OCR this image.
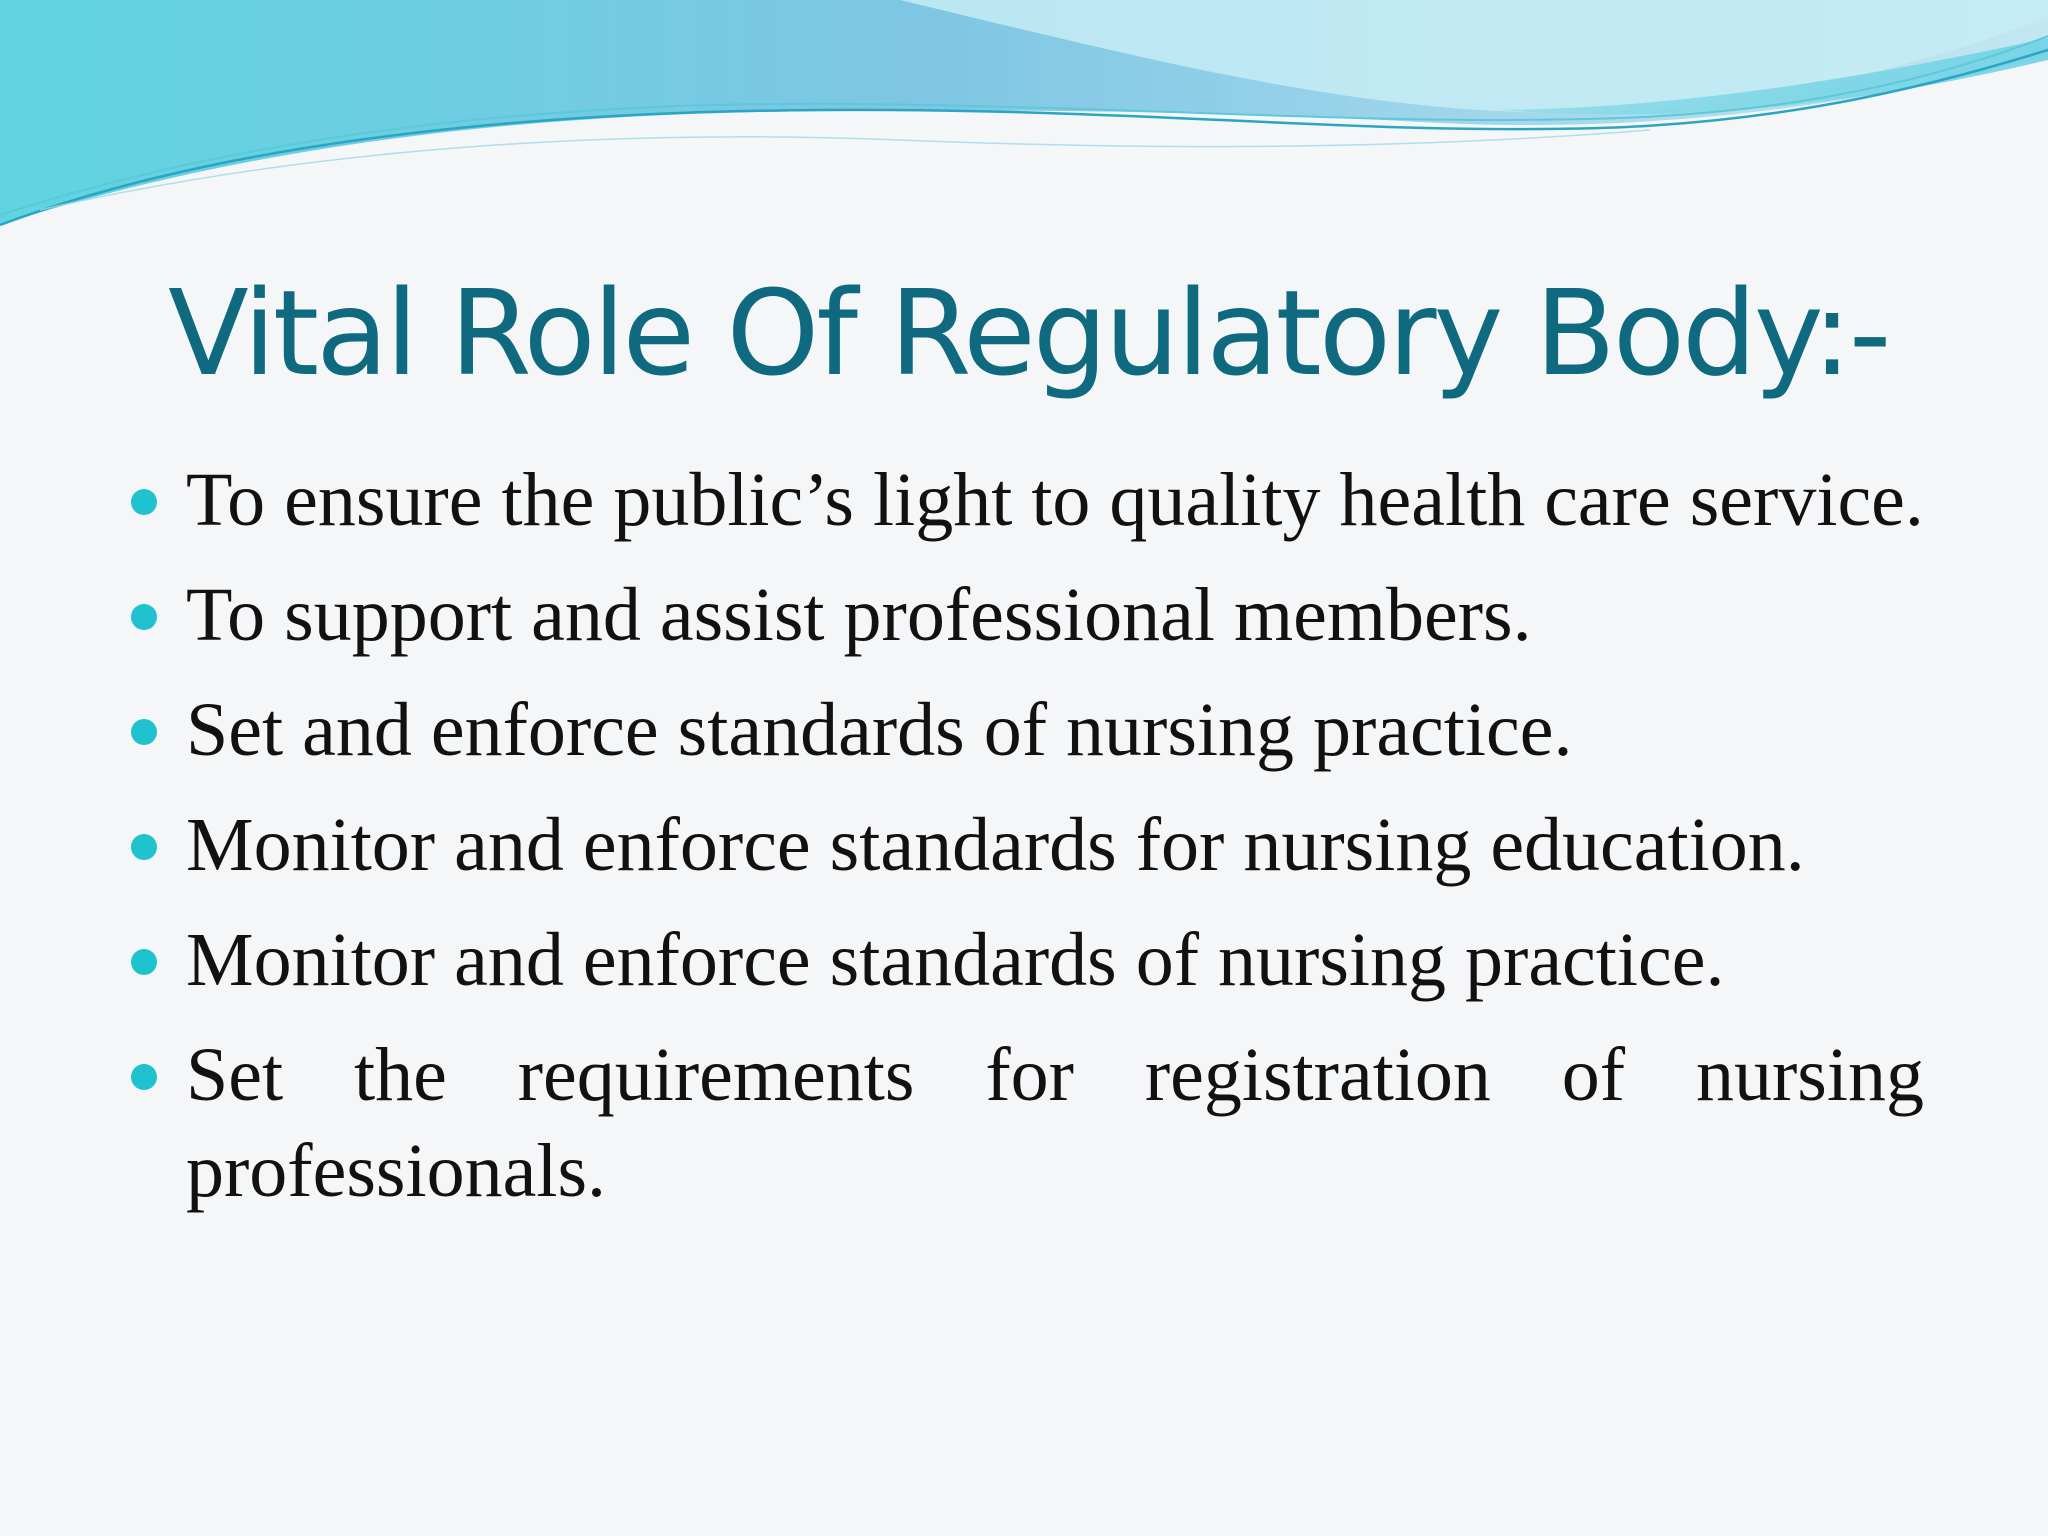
Vital Role Of Regulatory Body:-
To ensure the public’s light to quality health care service.
To support and assist professional members.
Set and enforce standards of nursing practice.
Monitor and enforce standards for nursing education.
Monitor and enforce standards of nursing practice.
Set the requirements for registration of nursing professionals.
